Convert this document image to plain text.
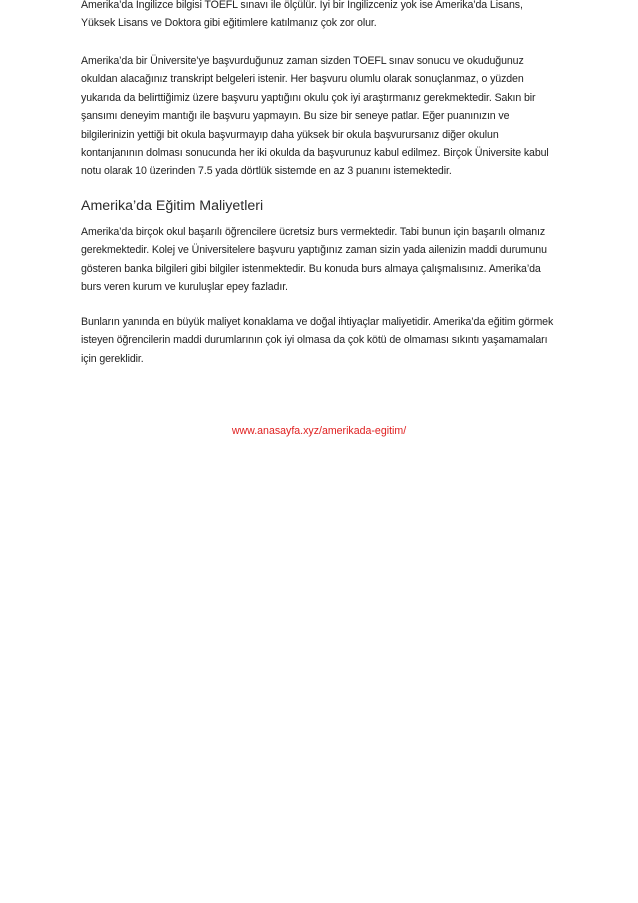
Amerika’da İngilizce bilgisi TOEFL sınavı ile ölçülür. İyi bir İngilizceniz yok ise Amerika’da Lisans, Yüksek Lisans ve Doktora gibi eğitimlere katılmanız çok zor olur.

Amerika’da bir Üniversite’ye başvurduğunuz zaman sizden TOEFL sınav sonucu ve okuduğunuz okuldan alacağınız transkript belgeleri istenir. Her başvuru olumlu olarak sonuçlanmaz, o yüzden yukarıda da belirttiğimiz üzere başvuru yaptığını okulu çok iyi araştırmanız gerekmektedir. Sakın bir şansımı deneyim mantığı ile başvuru yapmayın. Bu size bir seneye patlar. Eğer puanınızın ve bilgilerinizin yettiği bit okula başvurmayıp daha yüksek bir okula başvurursanız diğer okulun kontanjanının dolması sonucunda her iki okulda da başvurunuz kabul edilmez. Birçok Üniversite kabul notu olarak 10 üzerinden 7.5 yada dörtlük sistemde en az 3 puanını istemektedir.

Amerika’da Eğitim Maliyetleri

Amerika’da birçok okul başarılı öğrencilere ücretsiz burs vermektedir. Tabi bunun için başarılı olmanız gerekmektedir. Kolej ve Üniversitelere başvuru yaptığınız zaman sizin yada ailenizin maddi durumunu gösteren banka bilgileri gibi bilgiler istenmektedir. Bu konuda burs almaya çalışmalısınız. Amerika’da burs veren kurum ve kuruluşlar epey fazladır.

Bunların yanında en büyük maliyet konaklama ve doğal ihtiyaçlar maliyetidir. Amerika’da eğitim görmek isteyen öğrencilerin maddi durumlarının çok iyi olmasa da çok kötü de olmaması sıkıntı yaşamamaları için gereklidir.

www.anasayfa.xyz/amerikada-egitim/
